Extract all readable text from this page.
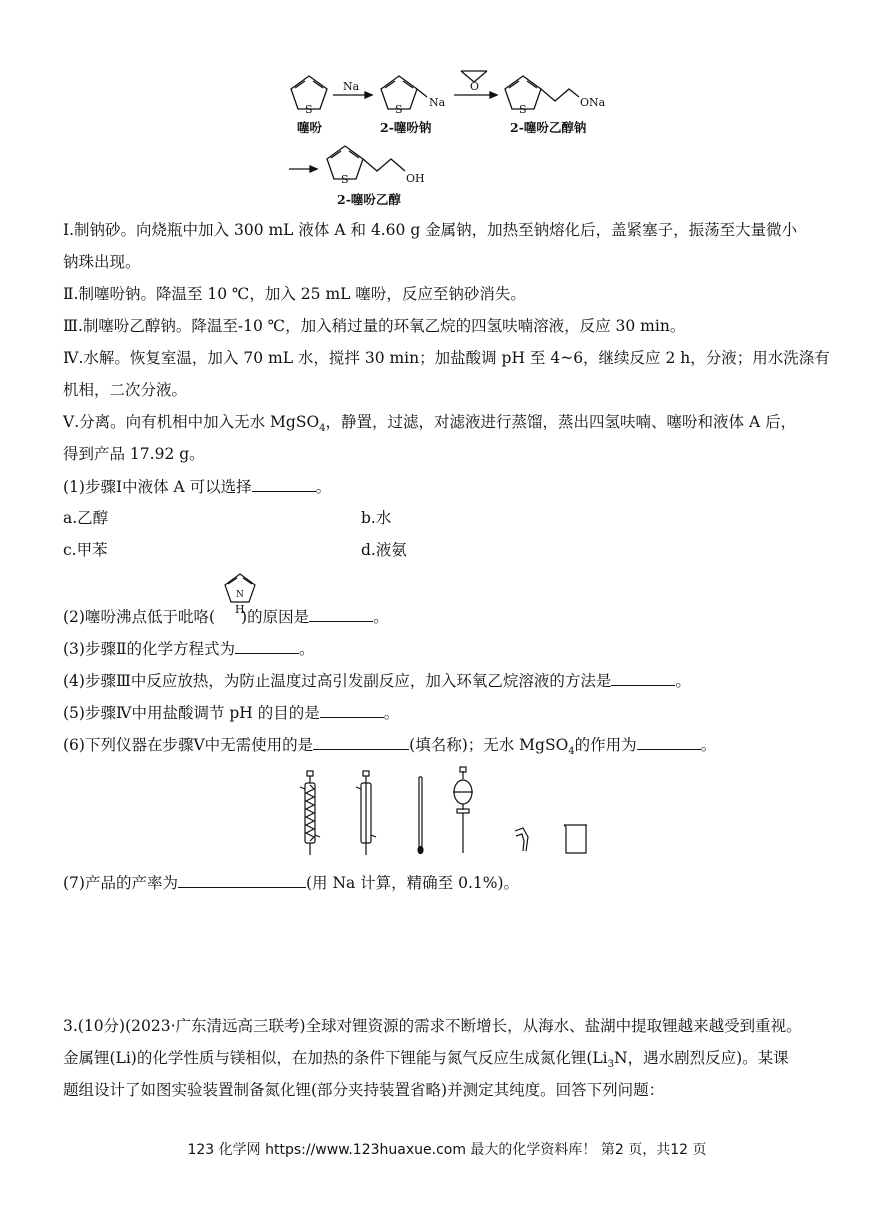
S
Na
S
Na
O
S
ONa
S	OH
噻吩	2-噻吩钠	2-噻吩乙醇钠
2-噻吩乙醇
Ⅰ.制钠砂。向烧瓶中加入 300 mL 液体 A 和 4.60 g 金属钠，加热至钠熔化后，盖紧塞子，振荡至大量微小
钠珠出现。
Ⅱ.制噻吩钠。降温至 10 ℃，加入 25 mL 噻吩，反应至钠砂消失。
Ⅲ.制噻吩乙醇钠。降温至-10 ℃，加入稍过量的环氧乙烷的四氢呋喃溶液，反应 30 min。
Ⅳ.水解。恢复室温，加入 70 mL 水，搅拌 30 min；加盐酸调 pH 至 4~6，继续反应 2 h，分液；用水洗涤有
机相，二次分液。
Ⅴ.分离。向有机相中加入无水 MgSO$_4$，静置，过滤，对滤液进行蒸馏，蒸出四氢呋喃、噻吩和液体 A 后，
得到产品 17.92 g。
(1)步骤Ⅰ中液体 A 可以选择	。
a.乙醇	b.水
c.甲苯	d.液氨
N
H
(2)噻吩沸点低于吡咯( )的原因是	。
(3)步骤Ⅱ的化学方程式为	。
(4)步骤Ⅲ中反应放热，为防止温度过高引发副反应，加入环氧乙烷溶液的方法是	。
(5)步骤Ⅳ中用盐酸调节 pH 的目的是	。
(6)下列仪器在步骤Ⅴ中无需使用的是	(填名称)；无水 MgSO$_4$的作用为	。
(7)产品的产率为	(用 Na 计算，精确至 0.1%)。
3.(10分)(2023·广东清远高三联考)全球对锂资源的需求不断增长，从海水、盐湖中提取锂越来越受到重视。
金属锂(Li)的化学性质与镁相似，在加热的条件下锂能与氮气反应生成氮化锂($Li_3N$，遇水剧烈反应)。某课
题组设计了如图实验装置制备氮化锂(部分夹持装置省略)并测定其纯度。回答下列问题：
123 化学网 https://www.123huaxue.com 最大的化学资料库！ 第2 页，共12 页
